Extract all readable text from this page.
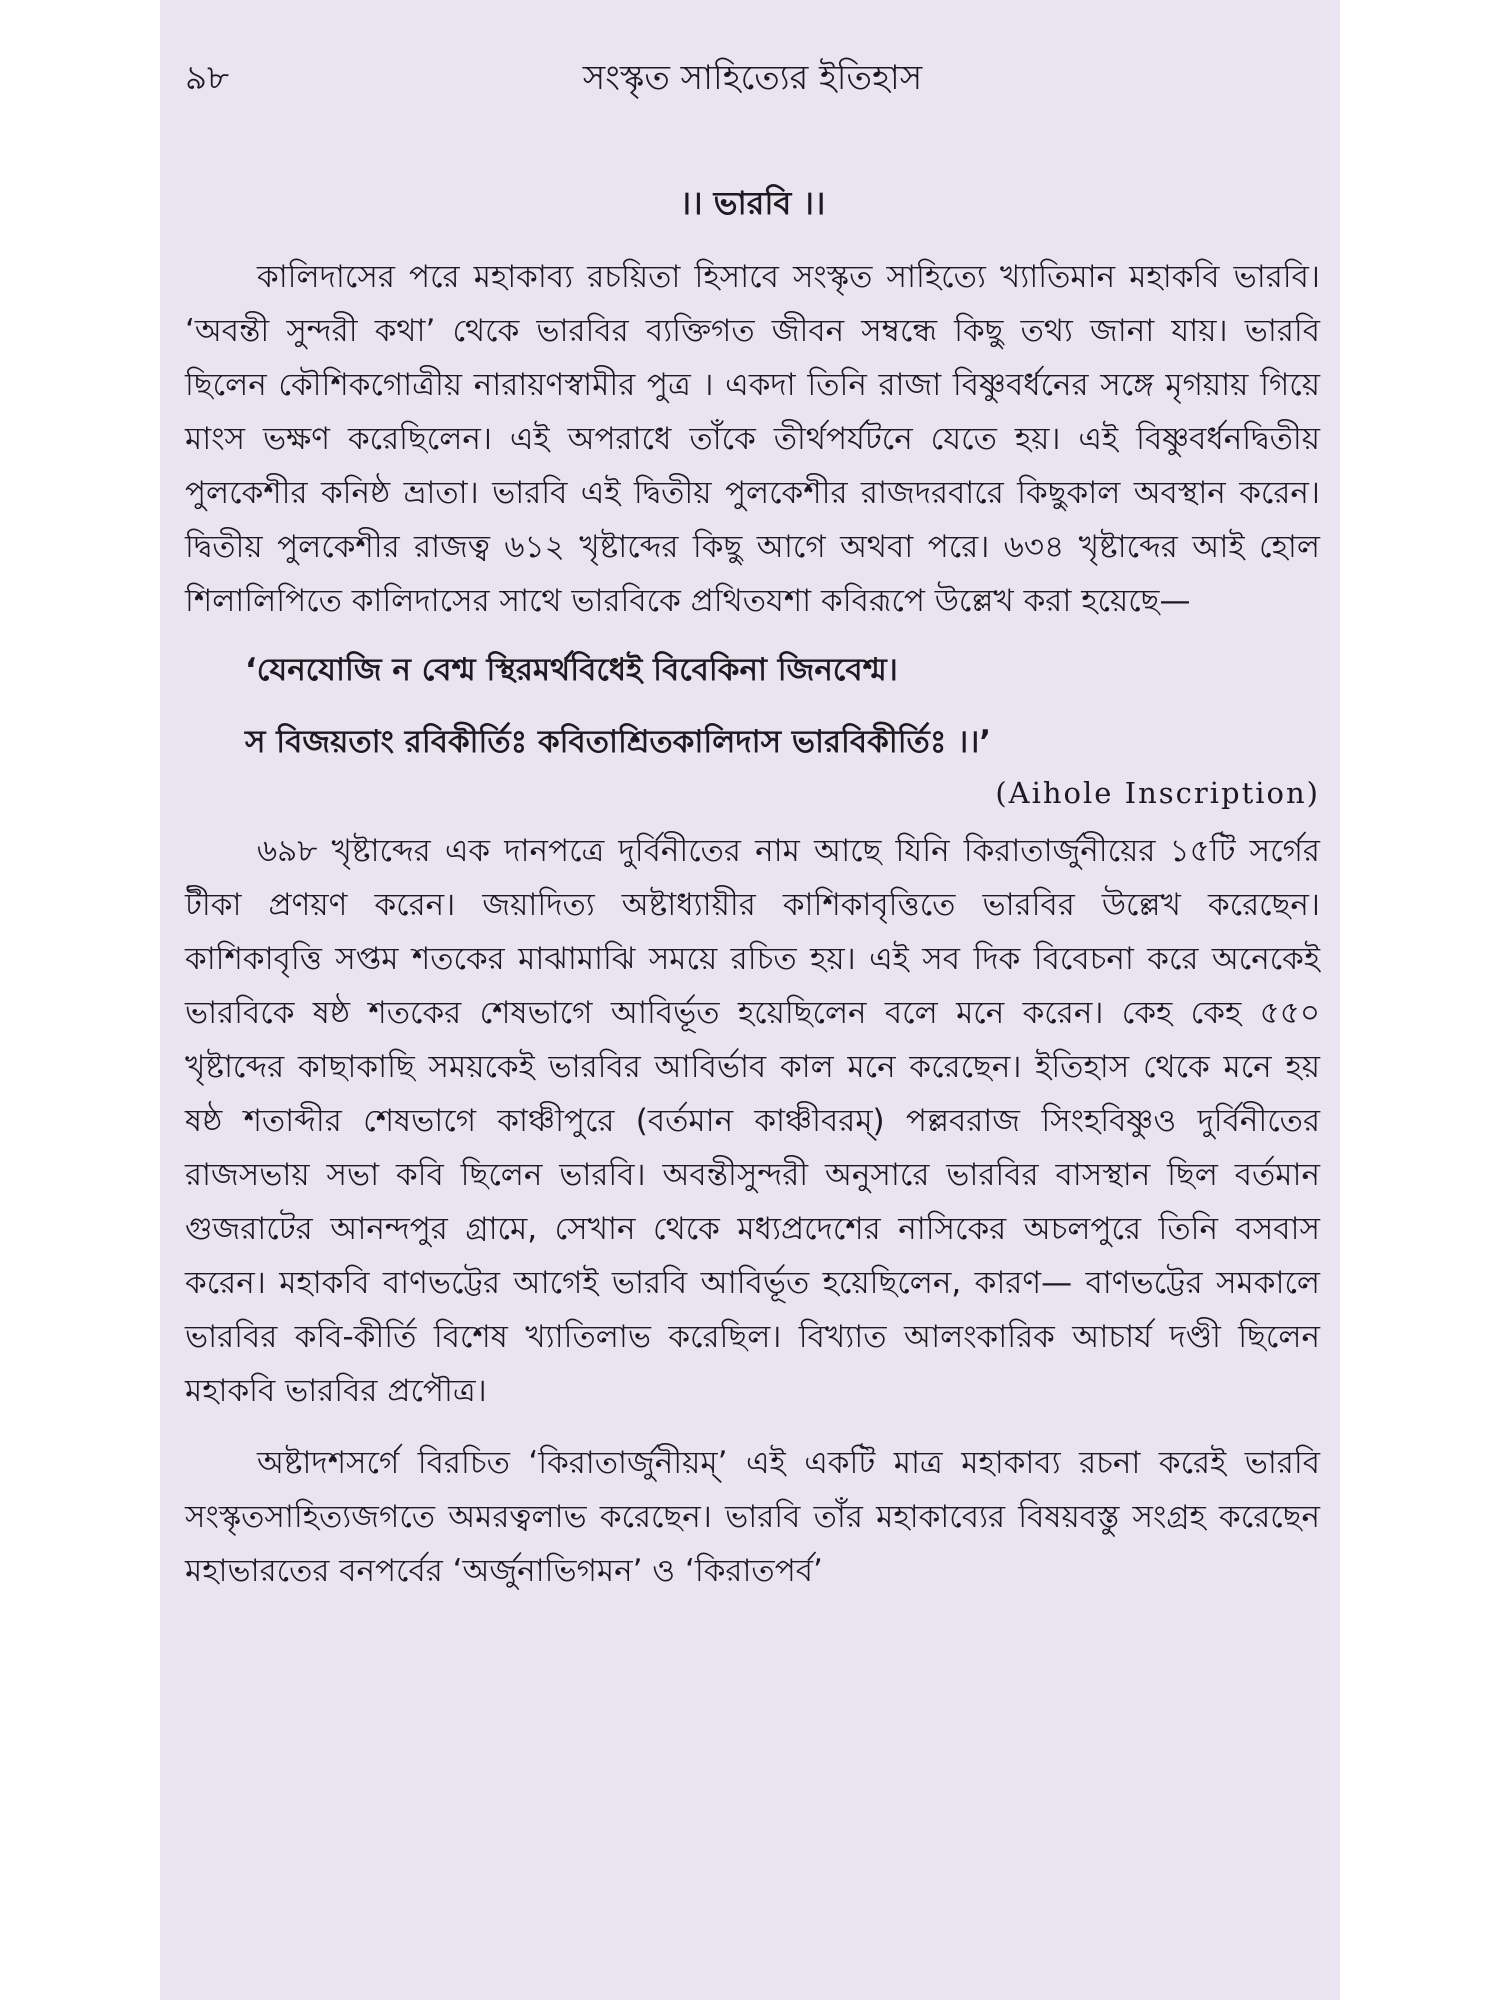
৯৮	সংস্কৃত সাহিত্যের ইতিহাস
।। ভারবি ।।

কালিদাসের পরে মহাকাব্য রচয়িতা হিসাবে সংস্কৃত সাহিত্যে খ্যাতিমান মহাকবি ভারবি। ‘অবন্তী সুন্দরী কথা’ থেকে ভারবির ব্যক্তিগত জীবন সম্বন্ধে কিছু তথ্য জানা যায়। ভারবি ছিলেন কৌশিকগোত্রীয় নারায়ণস্বামীর পুত্র । একদা তিনি রাজা বিষ্ণুবর্ধনের সঙ্গে মৃগয়ায় গিয়ে মাংস ভক্ষণ করেছিলেন। এই অপরাধে তাঁকে তীর্থপর্যটনে যেতে হয়। এই বিষ্ণুবর্ধনদ্বিতীয় পুলকেশীর কনিষ্ঠ ভ্রাতা। ভারবি এই দ্বিতীয় পুলকেশীর রাজদরবারে কিছুকাল অবস্থান করেন। দ্বিতীয় পুলকেশীর রাজত্ব ৬১২ খৃষ্টাব্দের কিছু আগে অথবা পরে। ৬৩৪ খৃষ্টাব্দের আই হোল শিলালিপিতে কালিদাসের সাথে ভারবিকে প্রথিতযশা কবিরূপে উল্লেখ করা হয়েছে—

‘যেনযোজি ন বেশ্ম স্থিরমর্থবিধেই বিবেকিনা জিনবেশ্ম।
স বিজয়তাং রবিকীর্তিঃ কবিতাশ্রিতকালিদাস ভারবিকীর্তিঃ ।।’
(Aihole Inscription)

৬৯৮ খৃষ্টাব্দের এক দানপত্রে দুর্বিনীতের নাম আছে যিনি কিরাতার্জুনীয়ের ১৫টি সর্গের টীকা প্রণয়ণ করেন। জয়াদিত্য অষ্টাধ্যায়ীর কাশিকাবৃত্তিতে ভারবির উল্লেখ করেছেন। কাশিকাবৃত্তি সপ্তম শতকের মাঝামাঝি সময়ে রচিত হয়। এই সব দিক বিবেচনা করে অনেকেই ভারবিকে ষষ্ঠ শতকের শেষভাগে আবির্ভূত হয়েছিলেন বলে মনে করেন। কেহ কেহ ৫৫০ খৃষ্টাব্দের কাছাকাছি সময়কেই ভারবির আবির্ভাব কাল মনে করেছেন। ইতিহাস থেকে মনে হয় ষষ্ঠ শতাব্দীর শেষভাগে কাঞ্চীপুরে (বর্তমান কাঞ্চীবরম্) পল্লবরাজ সিংহবিষ্ণুও দুর্বিনীতের রাজসভায় সভা কবি ছিলেন ভারবি। অবন্তীসুন্দরী অনুসারে ভারবির বাসস্থান ছিল বর্তমান গুজরাটের আনন্দপুর গ্রামে, সেখান থেকে মধ্যপ্রদেশের নাসিকের অচলপুরে তিনি বসবাস করেন। মহাকবি বাণভট্টের আগেই ভারবি আবির্ভূত হয়েছিলেন, কারণ— বাণভট্টের সমকালে ভারবির কবি-কীর্তি বিশেষ খ্যাতিলাভ করেছিল। বিখ্যাত আলংকারিক আচার্য দণ্ডী ছিলেন মহাকবি ভারবির প্রপৌত্র।

অষ্টাদশসর্গে বিরচিত ‘কিরাতার্জুনীয়ম্’ এই একটি মাত্র মহাকাব্য রচনা করেই ভারবি সংস্কৃতসাহিত্যজগতে অমরত্বলাভ করেছেন। ভারবি তাঁর মহাকাব্যের বিষয়বস্তু সংগ্রহ করেছেন মহাভারতের বনপর্বের ‘অর্জুনাভিগমন’ ও ‘কিরাতপর্ব’
